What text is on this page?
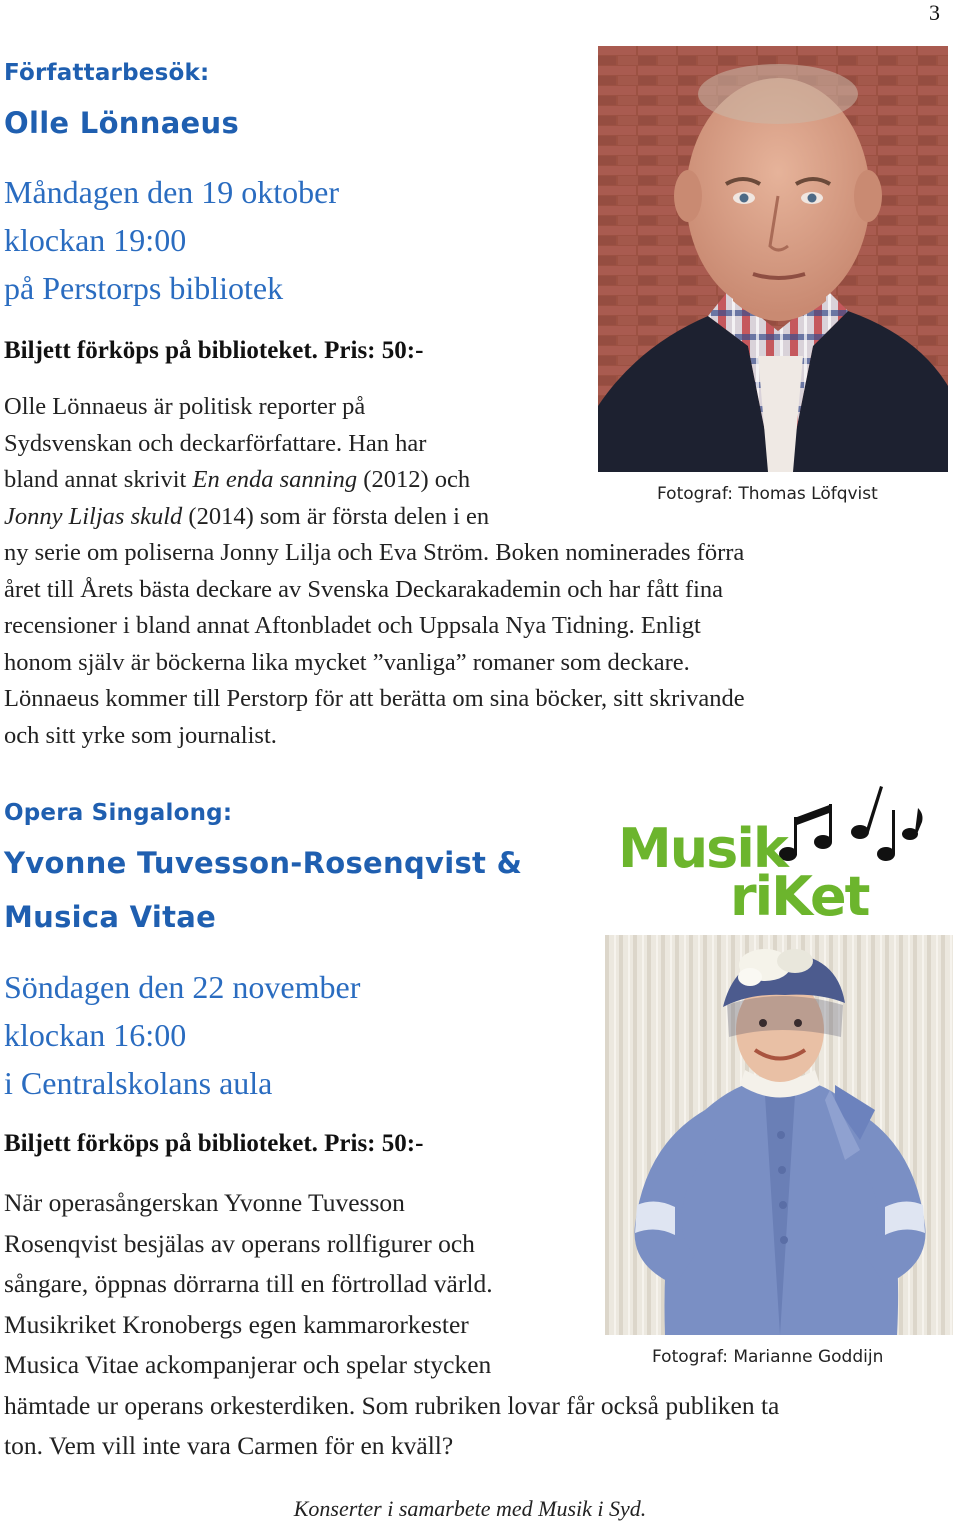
3
Författarbesök:
Olle Lönnaeus
Måndagen den 19 oktober
klockan 19:00
på Perstorps bibliotek
Biljett förköps på biblioteket. Pris: 50:-
Olle Lönnaeus är politisk reporter på
Sydsvenskan och deckarförfattare. Han har
bland annat skrivit En enda sanning (2012) och
Jonny Liljas skuld (2014) som är första delen i en
ny serie om poliserna Jonny Lilja och Eva Ström. Boken nominerades förra
året till Årets bästa deckare av Svenska Deckarakademin och har fått fina
recensioner i bland annat Aftonbladet och Uppsala Nya Tidning. Enligt
honom själv är böckerna lika mycket ”vanliga” romaner som deckare.
Lönnaeus kommer till Perstorp för att berätta om sina böcker, sitt skrivande
och sitt yrke som journalist.
Fotograf: Thomas Löfqvist
Opera Singalong:
Yvonne Tuvesson-Rosenqvist &
Musica Vitae
Söndagen den 22 november
klockan 16:00
i Centralskolans aula
Biljett förköps på biblioteket. Pris: 50:-
När operasångerskan Yvonne Tuvesson
Rosenqvist besjälas av operans rollfigurer och
sångare, öppnas dörrarna till en förtrollad värld.
Musikriket Kronobergs egen kammarorkester
Musica Vitae ackompanjerar och spelar stycken
hämtade ur operans orkesterdiken. Som rubriken lovar får också publiken ta
ton. Vem vill inte vara Carmen för en kväll?
Musik
riKet
Fotograf: Marianne Goddijn
Konserter i samarbete med Musik i Syd.
